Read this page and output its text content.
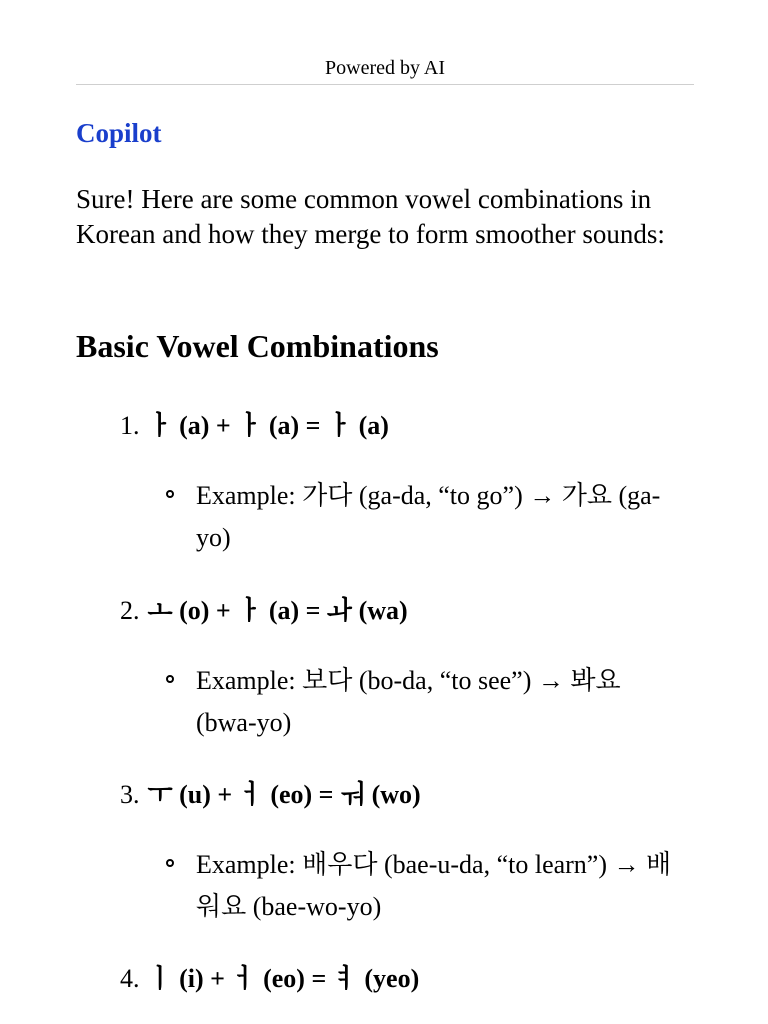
Powered by AI
Copilot

Sure! Here are some common vowel combinations in Korean and how they merge to form smoother sounds:

Basic Vowel Combinations
1. ㅏ (a) + ㅏ (a) = ㅏ (a)
Example: 가다 (ga-da, “to go”) → 가요 (ga-yo)
2. ㅗ (o) + ㅏ (a) = ㅘ (wa)
Example: 보다 (bo-da, “to see”) → 봐요 (bwa-yo)
3. ㅜ (u) + ㅓ (eo) = ㅝ (wo)
Example: 배우다 (bae-u-da, “to learn”) → 배워요 (bae-wo-yo)
4. ㅣ (i) + ㅓ (eo) = ㅕ (yeo)
